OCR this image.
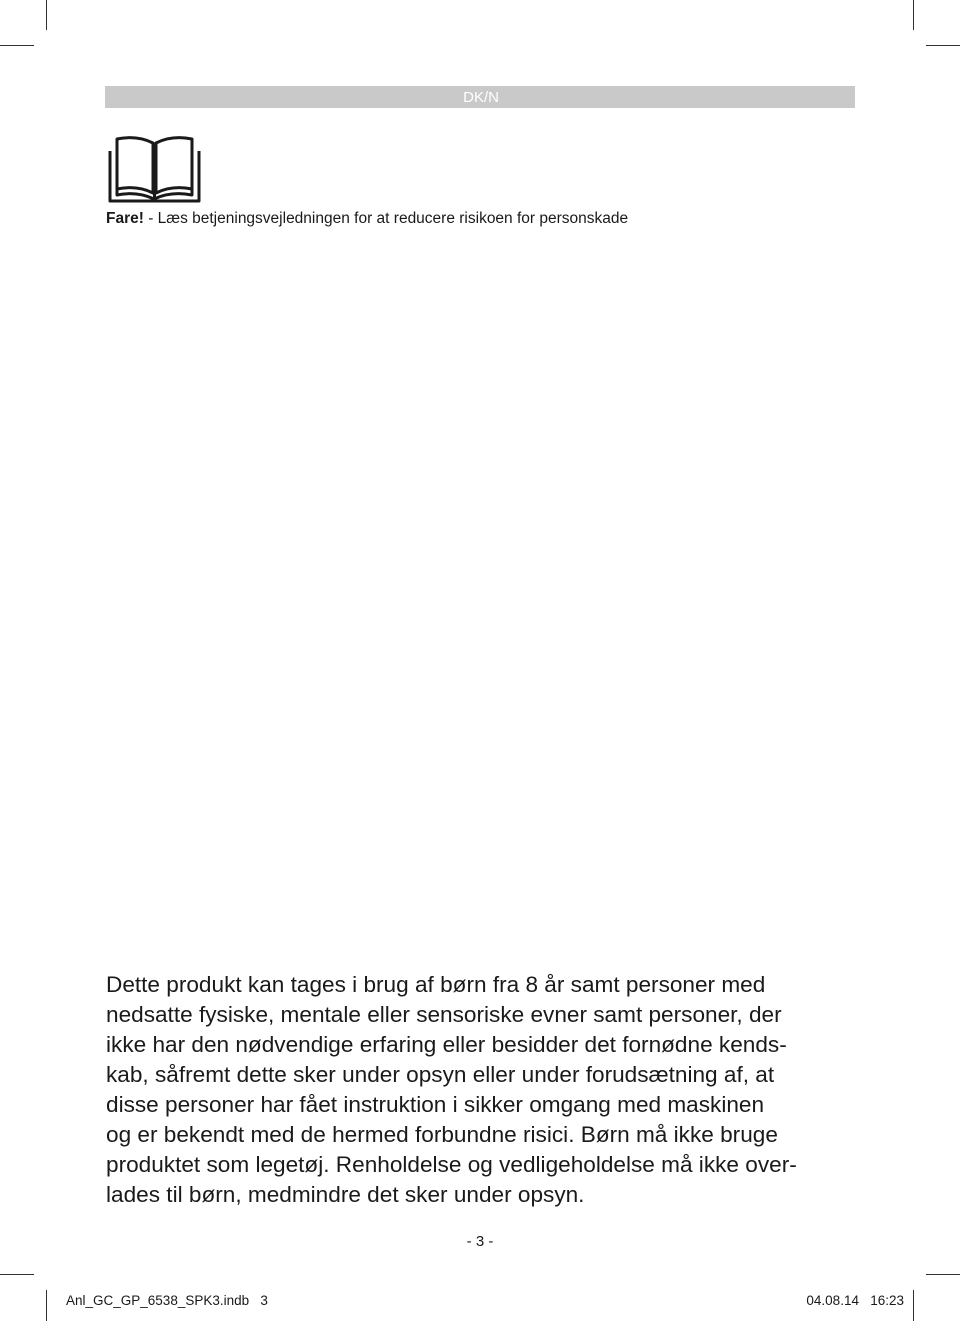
DK/N
Fare! - Læs betjeningsvejledningen for at reducere risikoen for personskade
Dette produkt kan tages i brug af børn fra 8 år samt personer med
nedsatte fysiske, mentale eller sensoriske evner samt personer, der
ikke har den nødvendige erfaring eller besidder det fornødne kends-
kab, såfremt dette sker under opsyn eller under forudsætning af, at
disse personer har fået instruktion i sikker omgang med maskinen
og er bekendt med de hermed forbundne risici. Børn må ikke bruge
produktet som legetøj. Renholdelse og vedligeholdelse må ikke over-
lades til børn, medmindre det sker under opsyn.
- 3 -
Anl_GC_GP_6538_SPK3.indb   3	04.08.14   16:23
